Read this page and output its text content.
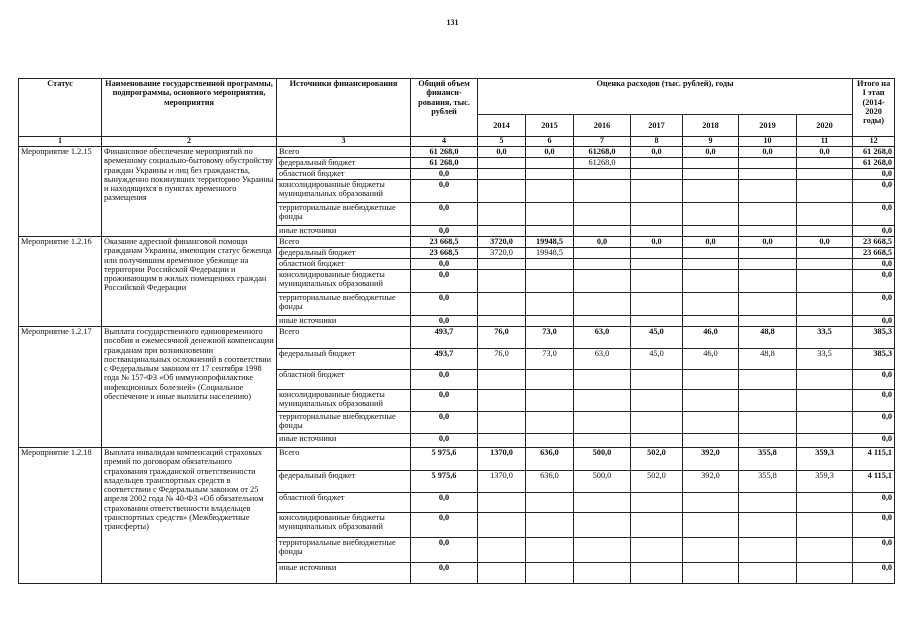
131
Статус	Наименование государственной программы, подпрограммы, основного мероприятия, мероприятия	Источники финансирования	Общий объем финанси-рования, тыс. рублей	Оценка расходов (тыс. рублей), годы							Итого на I этап (2014-2020 годы)
				2014	2015	2016	2017	2018	2019	2020	
1	2	3	4	5	6	7	8	9	10	11	12
Мероприятие 1.2.15	Финансовое обеспечение мероприятий по временному социально-бытовому обустройству граждан Украины и лиц без гражданства, вынужденно покинувших территорию Украины и находящихся в пунктах временного размещения	Всего	61 268,0	0,0	0,0	61268,0	0,0	0,0	0,0	0,0	61 268,0
		федеральный бюджет	61 268,0			61268,0					61 268,0
		областной бюджет	0,0								0,0
		консолидированные бюджеты муниципальных образований	0,0								0,0
		территориальные внебюджетные фонды	0,0								0,0
		иные источники	0,0								0,0
Мероприятие 1.2.16	Оказание адресной финансовой помощи гражданам Украины, имеющим статус беженца или получившим временное убежище на территории Российской Федерации и проживающим в жилых помещениях граждан Российской Федерации	Всего	23 668,5	3720,0	19948,5	0,0	0,0	0,0	0,0	0,0	23 668,5
		федеральный бюджет	23 668,5	3720,0	19948,5						23 668,5
		областной бюджет	0,0								0,0
		консолидированные бюджеты муниципальных образований	0,0								0,0
		территориальные внебюджетные фонды	0,0								0,0
		иные источники	0,0								0,0
Мероприятие 1.2.17	Выплата государственного единовременного пособия и ежемесячной денежной компенсации гражданам при возникновении поствакцинальных осложнений в соответствии с Федеральным законом от 17 сентября 1998 года № 157-ФЗ «Об иммунопрофилактике инфекционных болезней» (Социальное обеспечение и иные выплаты населению)	Всего	493,7	76,0	73,0	63,0	45,0	46,0	48,8	33,5	385,3
		федеральный бюджет	493,7	76,0	73,0	63,0	45,0	46,0	48,8	33,5	385,3
		областной бюджет	0,0								0,0
		консолидированные бюджеты муниципальных образований	0,0								0,0
		территориальные внебюджетные фонды	0,0								0,0
		иные источники	0,0								0,0
Мероприятие 1.2.18	Выплата инвалидам компенсаций страховых премий по договорам обязательного страхования гражданской ответственности владельцев транспортных средств в соответствии с Федеральным законом от 25 апреля 2002 года № 40-ФЗ «Об обязательном страховании ответственности владельцев транспортных средств» (Межбюджетные трансферты)	Всего	5 975,6	1370,0	636,0	500,0	502,0	392,0	355,8	359,3	4 115,1
		федеральный бюджет	5 975,6	1370,0	636,0	500,0	502,0	392,0	355,8	359,3	4 115,1
		областной бюджет	0,0								0,0
		консолидированные бюджеты муниципальных образований	0,0								0,0
		территориальные внебюджетные фонды	0,0								0,0
		иные источники	0,0								0,0
